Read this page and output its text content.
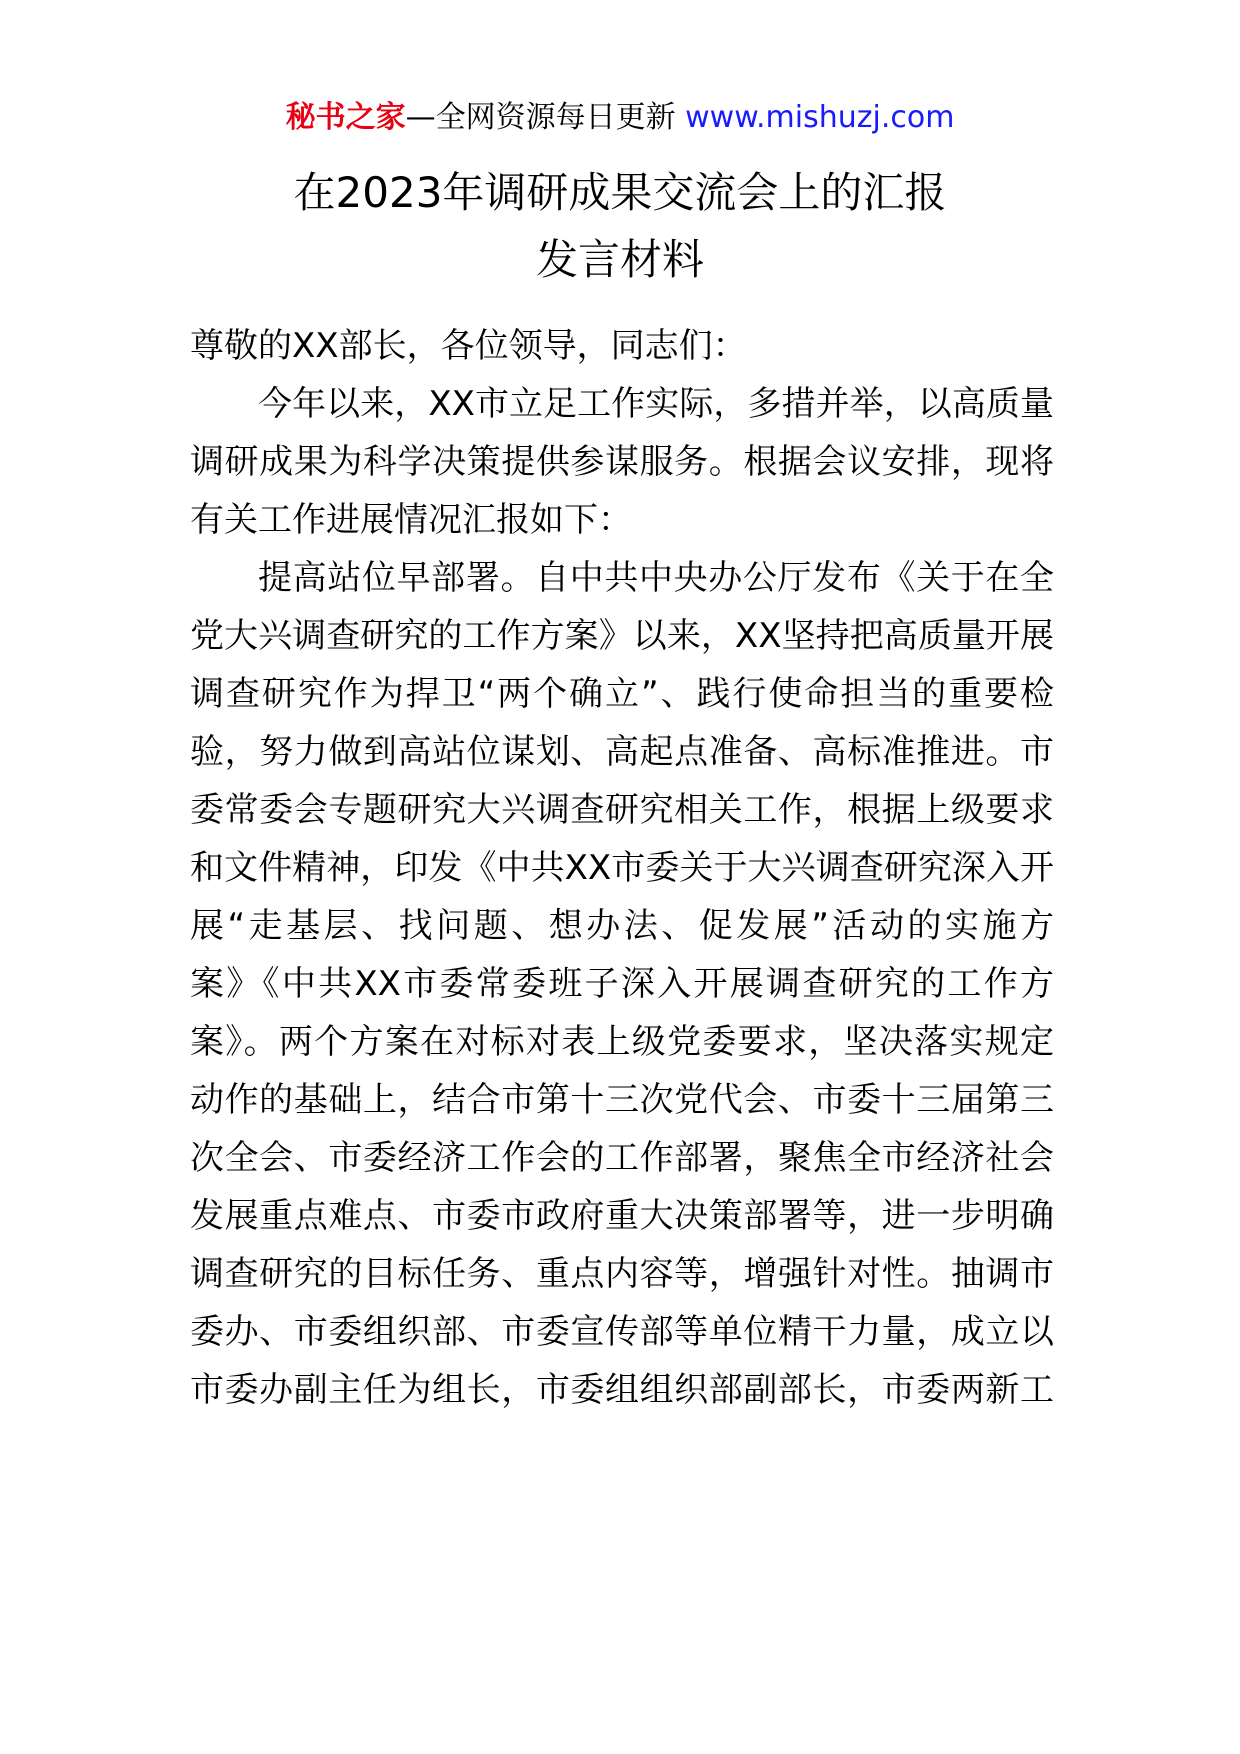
秘书之家—全网资源每日更新 www.mishuzj.com
在2023年调研成果交流会上的汇报
发言材料
尊敬的XX部长，各位领导，同志们：
今年以来，XX市立足工作实际，多措并举，以高质量
调研成果为科学决策提供参谋服务。根据会议安排，现将
有关工作进展情况汇报如下：
提高站位早部署。自中共中央办公厅发布《关于在全
党大兴调查研究的工作方案》以来，XX坚持把高质量开展
调查研究作为捍卫“两个确立”、践行使命担当的重要检
验，努力做到高站位谋划、高起点准备、高标准推进。市
委常委会专题研究大兴调查研究相关工作，根据上级要求
和文件精神，印发《中共XX市委关于大兴调查研究深入开
展“走基层、找问题、想办法、促发展”活动的实施方
案》《中共XX市委常委班子深入开展调查研究的工作方
案》。两个方案在对标对表上级党委要求，坚决落实规定
动作的基础上，结合市第十三次党代会、市委十三届第三
次全会、市委经济工作会的工作部署，聚焦全市经济社会
发展重点难点、市委市政府重大决策部署等，进一步明确
调查研究的目标任务、重点内容等，增强针对性。抽调市
委办、市委组织部、市委宣传部等单位精干力量，成立以
市委办副主任为组长，市委组组织部副部长，市委两新工
